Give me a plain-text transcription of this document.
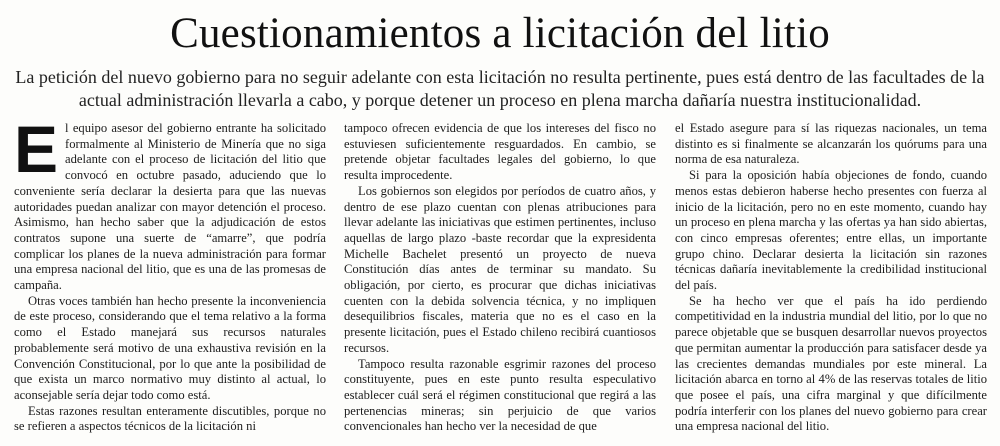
Cuestionamientos a licitación del litio
La petición del nuevo gobierno para no seguir adelante con esta licitación no resulta pertinente, pues está dentro de las facultades de la actual administración llevarla a cabo, y porque detener un proceso en plena marcha dañaría nuestra institucionalidad.

El equipo asesor del gobierno entrante ha solicitado formalmente al Ministerio de Minería que no siga adelante con el proceso de licitación del litio que convocó en octubre pasado, aduciendo que lo conveniente sería declarar la desierta para que las nuevas autoridades puedan analizar con mayor detención el proceso. Asimismo, han hecho saber que la adjudicación de estos contratos supone una suerte de “amarre”, que podría complicar los planes de la nueva administración para formar una empresa nacional del litio, que es una de las promesas de campaña.

Otras voces también han hecho presente la inconveniencia de este proceso, considerando que el tema relativo a la forma como el Estado manejará sus recursos naturales probablemente será motivo de una exhaustiva revisión en la Convención Constitucional, por lo que ante la posibilidad de que exista un marco normativo muy distinto al actual, lo aconsejable sería dejar todo como está.

Estas razones resultan enteramente discutibles, porque no se refieren a aspectos técnicos de la licitación ni

tampoco ofrecen evidencia de que los intereses del fisco no estuviesen suficientemente resguardados. En cambio, se pretende objetar facultades legales del gobierno, lo que resulta improcedente.

Los gobiernos son elegidos por períodos de cuatro años, y dentro de ese plazo cuentan con plenas atribuciones para llevar adelante las iniciativas que estimen pertinentes, incluso aquellas de largo plazo -baste recordar que la expresidenta Michelle Bachelet presentó un proyecto de nueva Constitución días antes de terminar su mandato. Su obligación, por cierto, es procurar que dichas iniciativas cuenten con la debida solvencia técnica, y no impliquen desequilibrios fiscales, materia que no es el caso en la presente licitación, pues el Estado chileno recibirá cuantiosos recursos.

Tampoco resulta razonable esgrimir razones del proceso constituyente, pues en este punto resulta especulativo establecer cuál será el régimen constitucional que regirá a las pertenencias mineras; sin perjuicio de que varios convencionales han hecho ver la necesidad de que

el Estado asegure para sí las riquezas nacionales, un tema distinto es si finalmente se alcanzarán los quórums para una norma de esa naturaleza.

Si para la oposición había objeciones de fondo, cuando menos estas debieron haberse hecho presentes con fuerza al inicio de la licitación, pero no en este momento, cuando hay un proceso en plena marcha y las ofertas ya han sido abiertas, con cinco empresas oferentes; entre ellas, un importante grupo chino. Declarar desierta la licitación sin razones técnicas dañaría inevitablemente la credibilidad institucional del país.

Se ha hecho ver que el país ha ido perdiendo competitividad en la industria mundial del litio, por lo que no parece objetable que se busquen desarrollar nuevos proyectos que permitan aumentar la producción para satisfacer desde ya las crecientes demandas mundiales por este mineral. La licitación abarca en torno al 4% de las reservas totales de litio que posee el país, una cifra marginal y que difícilmente podría interferir con los planes del nuevo gobierno para crear una empresa nacional del litio.
